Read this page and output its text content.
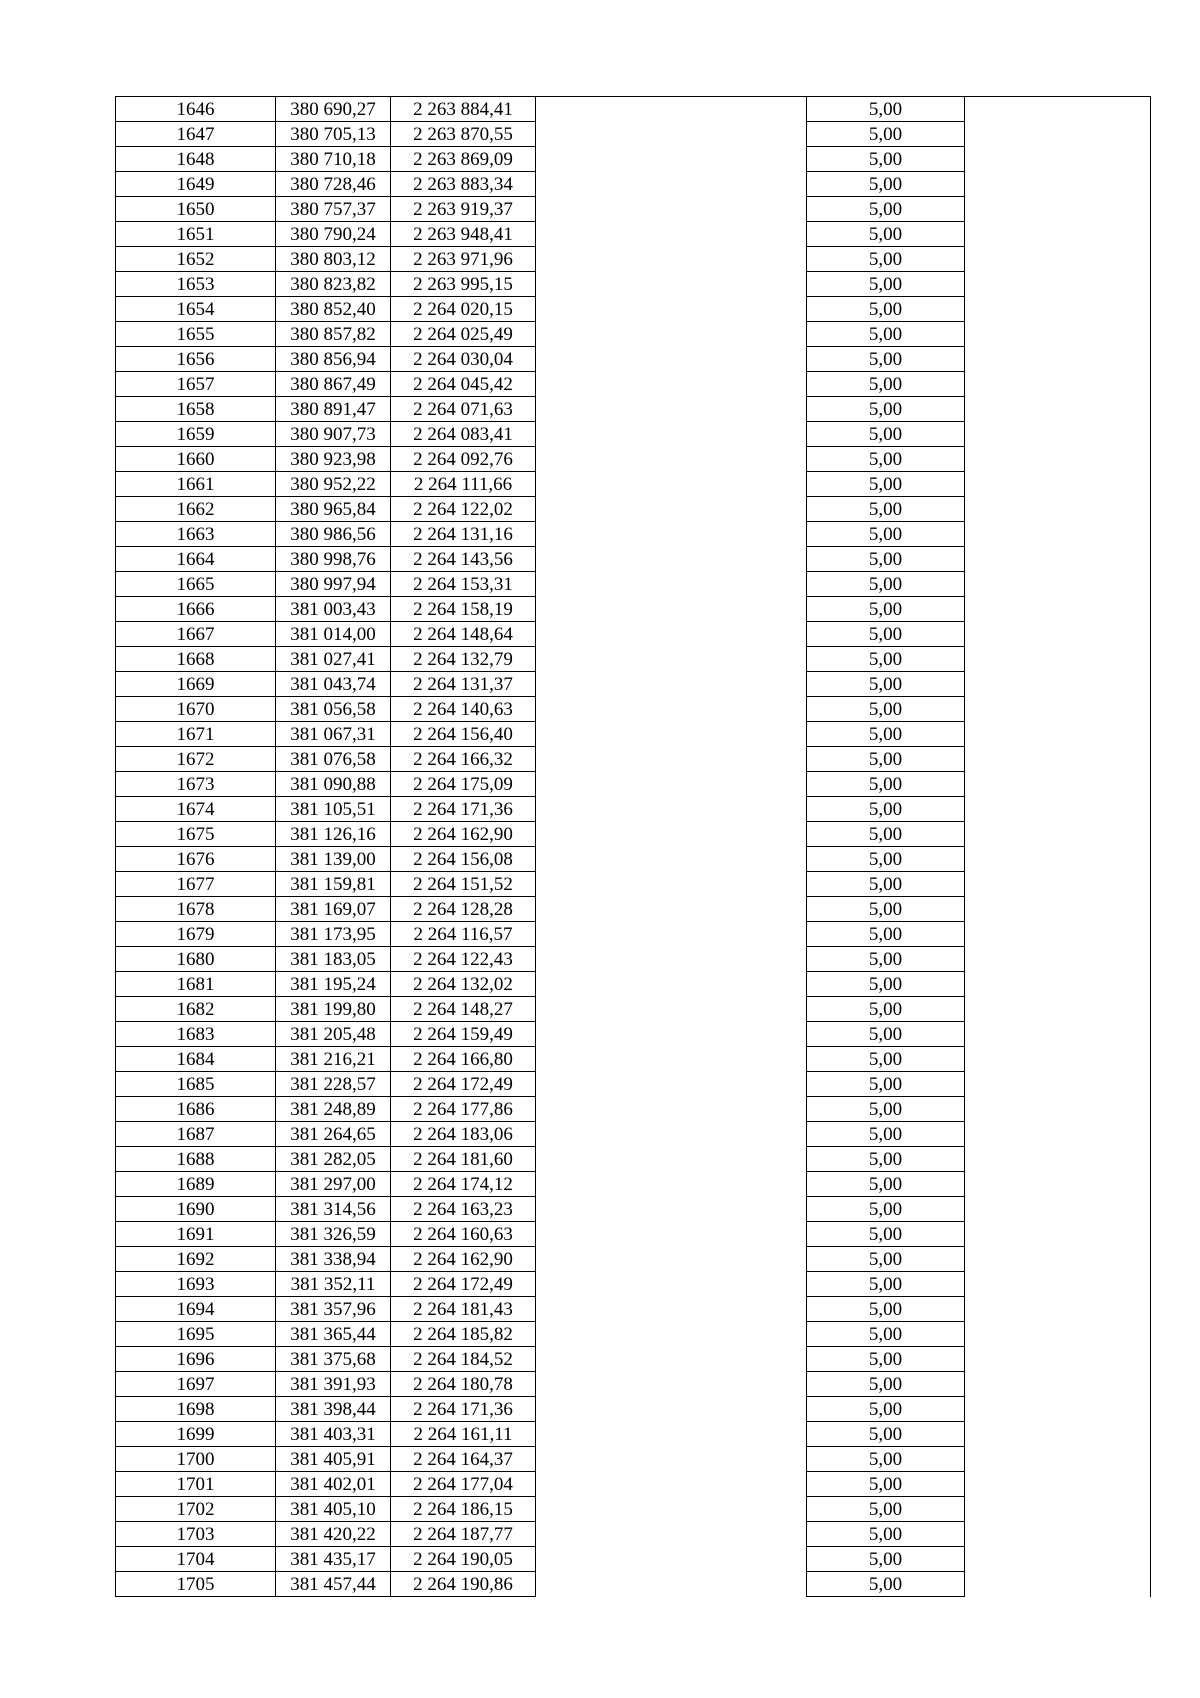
1646	380 690,27	2 263 884,41		5,00	
1647	380 705,13	2 263 870,55		5,00	
1648	380 710,18	2 263 869,09		5,00	
1649	380 728,46	2 263 883,34		5,00	
1650	380 757,37	2 263 919,37		5,00	
1651	380 790,24	2 263 948,41		5,00	
1652	380 803,12	2 263 971,96		5,00	
1653	380 823,82	2 263 995,15		5,00	
1654	380 852,40	2 264 020,15		5,00	
1655	380 857,82	2 264 025,49		5,00	
1656	380 856,94	2 264 030,04		5,00	
1657	380 867,49	2 264 045,42		5,00	
1658	380 891,47	2 264 071,63		5,00	
1659	380 907,73	2 264 083,41		5,00	
1660	380 923,98	2 264 092,76		5,00	
1661	380 952,22	2 264 111,66		5,00	
1662	380 965,84	2 264 122,02		5,00	
1663	380 986,56	2 264 131,16		5,00	
1664	380 998,76	2 264 143,56		5,00	
1665	380 997,94	2 264 153,31		5,00	
1666	381 003,43	2 264 158,19		5,00	
1667	381 014,00	2 264 148,64		5,00	
1668	381 027,41	2 264 132,79		5,00	
1669	381 043,74	2 264 131,37		5,00	
1670	381 056,58	2 264 140,63		5,00	
1671	381 067,31	2 264 156,40		5,00	
1672	381 076,58	2 264 166,32		5,00	
1673	381 090,88	2 264 175,09		5,00	
1674	381 105,51	2 264 171,36		5,00	
1675	381 126,16	2 264 162,90		5,00	
1676	381 139,00	2 264 156,08		5,00	
1677	381 159,81	2 264 151,52		5,00	
1678	381 169,07	2 264 128,28		5,00	
1679	381 173,95	2 264 116,57		5,00	
1680	381 183,05	2 264 122,43		5,00	
1681	381 195,24	2 264 132,02		5,00	
1682	381 199,80	2 264 148,27		5,00	
1683	381 205,48	2 264 159,49		5,00	
1684	381 216,21	2 264 166,80		5,00	
1685	381 228,57	2 264 172,49		5,00	
1686	381 248,89	2 264 177,86		5,00	
1687	381 264,65	2 264 183,06		5,00	
1688	381 282,05	2 264 181,60		5,00	
1689	381 297,00	2 264 174,12		5,00	
1690	381 314,56	2 264 163,23		5,00	
1691	381 326,59	2 264 160,63		5,00	
1692	381 338,94	2 264 162,90		5,00	
1693	381 352,11	2 264 172,49		5,00	
1694	381 357,96	2 264 181,43		5,00	
1695	381 365,44	2 264 185,82		5,00	
1696	381 375,68	2 264 184,52		5,00	
1697	381 391,93	2 264 180,78		5,00	
1698	381 398,44	2 264 171,36		5,00	
1699	381 403,31	2 264 161,11		5,00	
1700	381 405,91	2 264 164,37		5,00	
1701	381 402,01	2 264 177,04		5,00	
1702	381 405,10	2 264 186,15		5,00	
1703	381 420,22	2 264 187,77		5,00	
1704	381 435,17	2 264 190,05		5,00	
1705	381 457,44	2 264 190,86		5,00	
